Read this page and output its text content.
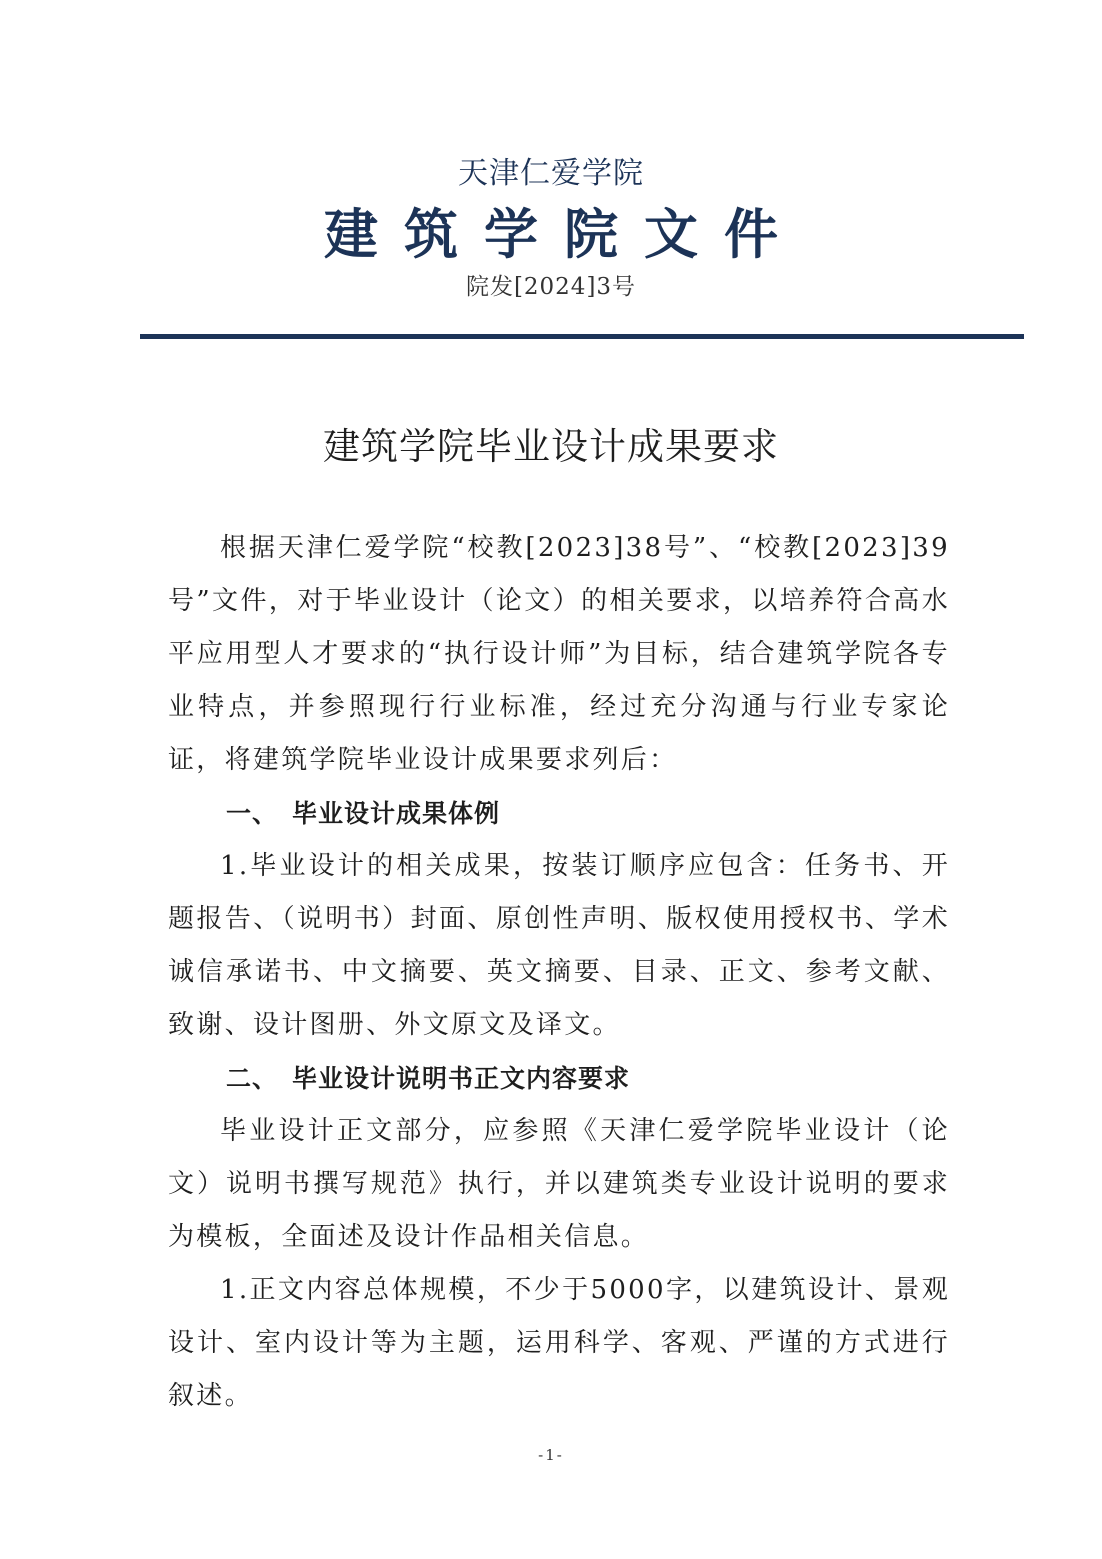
天津仁爱学院
建筑学院文件
院发[2024]3号
建筑学院毕业设计成果要求

根据天津仁爱学院“校教[2023]38号”、“校教[2023]39号”文件，对于毕业设计（论文）的相关要求，以培养符合高水平应用型人才要求的“执行设计师”为目标，结合建筑学院各专业特点，并参照现行行业标准，经过充分沟通与行业专家论证，将建筑学院毕业设计成果要求列后：

一、 毕业设计成果体例

1.毕业设计的相关成果，按装订顺序应包含：任务书、开题报告、（说明书）封面、原创性声明、版权使用授权书、学术诚信承诺书、中文摘要、英文摘要、目录、正文、参考文献、致谢、设计图册、外文原文及译文。

二、 毕业设计说明书正文内容要求

毕业设计正文部分，应参照《天津仁爱学院毕业设计（论文）说明书撰写规范》执行，并以建筑类专业设计说明的要求为模板，全面述及设计作品相关信息。

1.正文内容总体规模，不少于5000字，以建筑设计、景观设计、室内设计等为主题，运用科学、客观、严谨的方式进行叙述。

-1-
